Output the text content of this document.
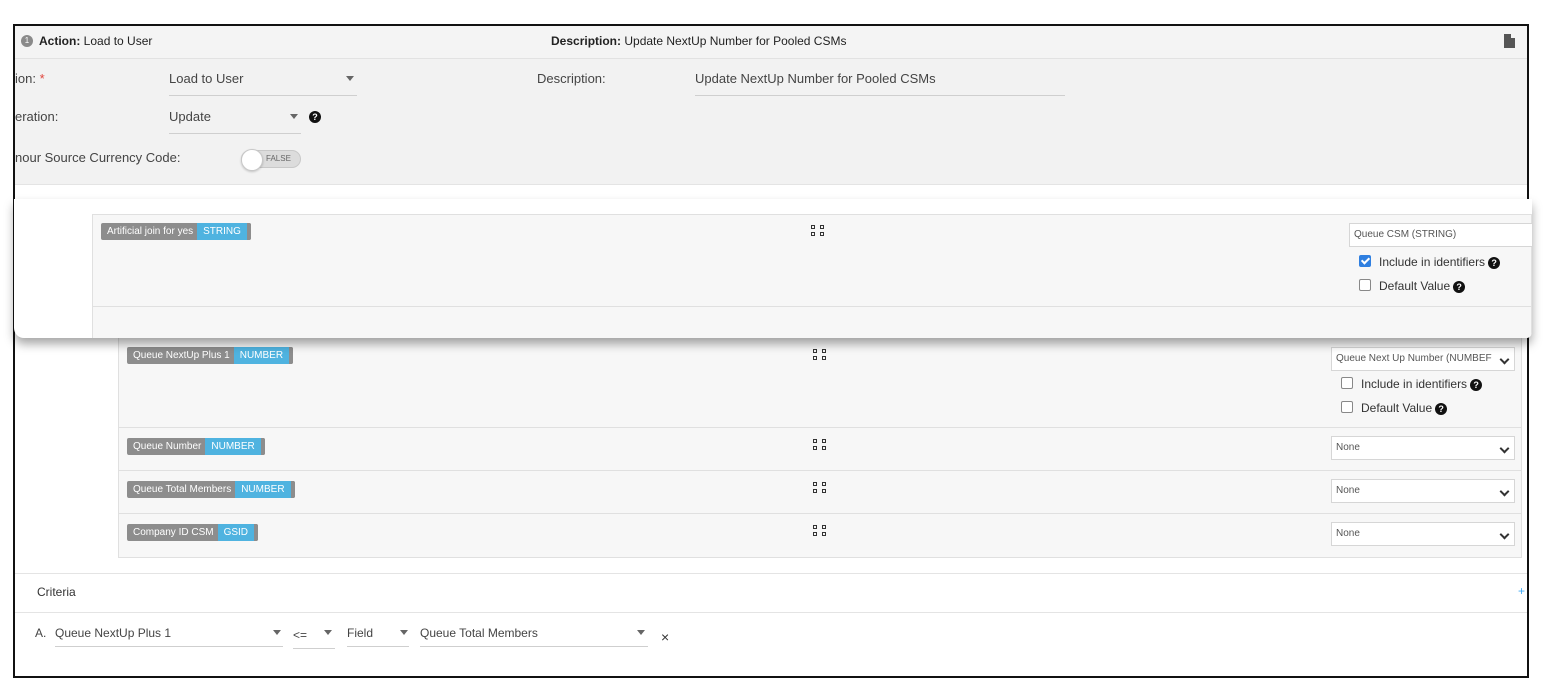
1 Action: Load to User	Description: Update NextUp Number for Pooled CSMs
ion: *	Load to User	Description:	Update NextUp Number for Pooled CSMs
eration:	Update	?
nour Source Currency Code:	FALSE
Queue NextUp Plus 1 NUMBER	Queue Next Up Number (NUMBEF
Include in identifiers ?
Default Value ?
Queue Number NUMBER	None
Queue Total Members NUMBER	None
Company ID CSM GSID	None
Criteria	+
A. Queue NextUp Plus 1	<=	Field	Queue Total Members	×
Artificial join for yes STRING	Queue CSM (STRING)
Include in identifiers ?
Default Value ?
